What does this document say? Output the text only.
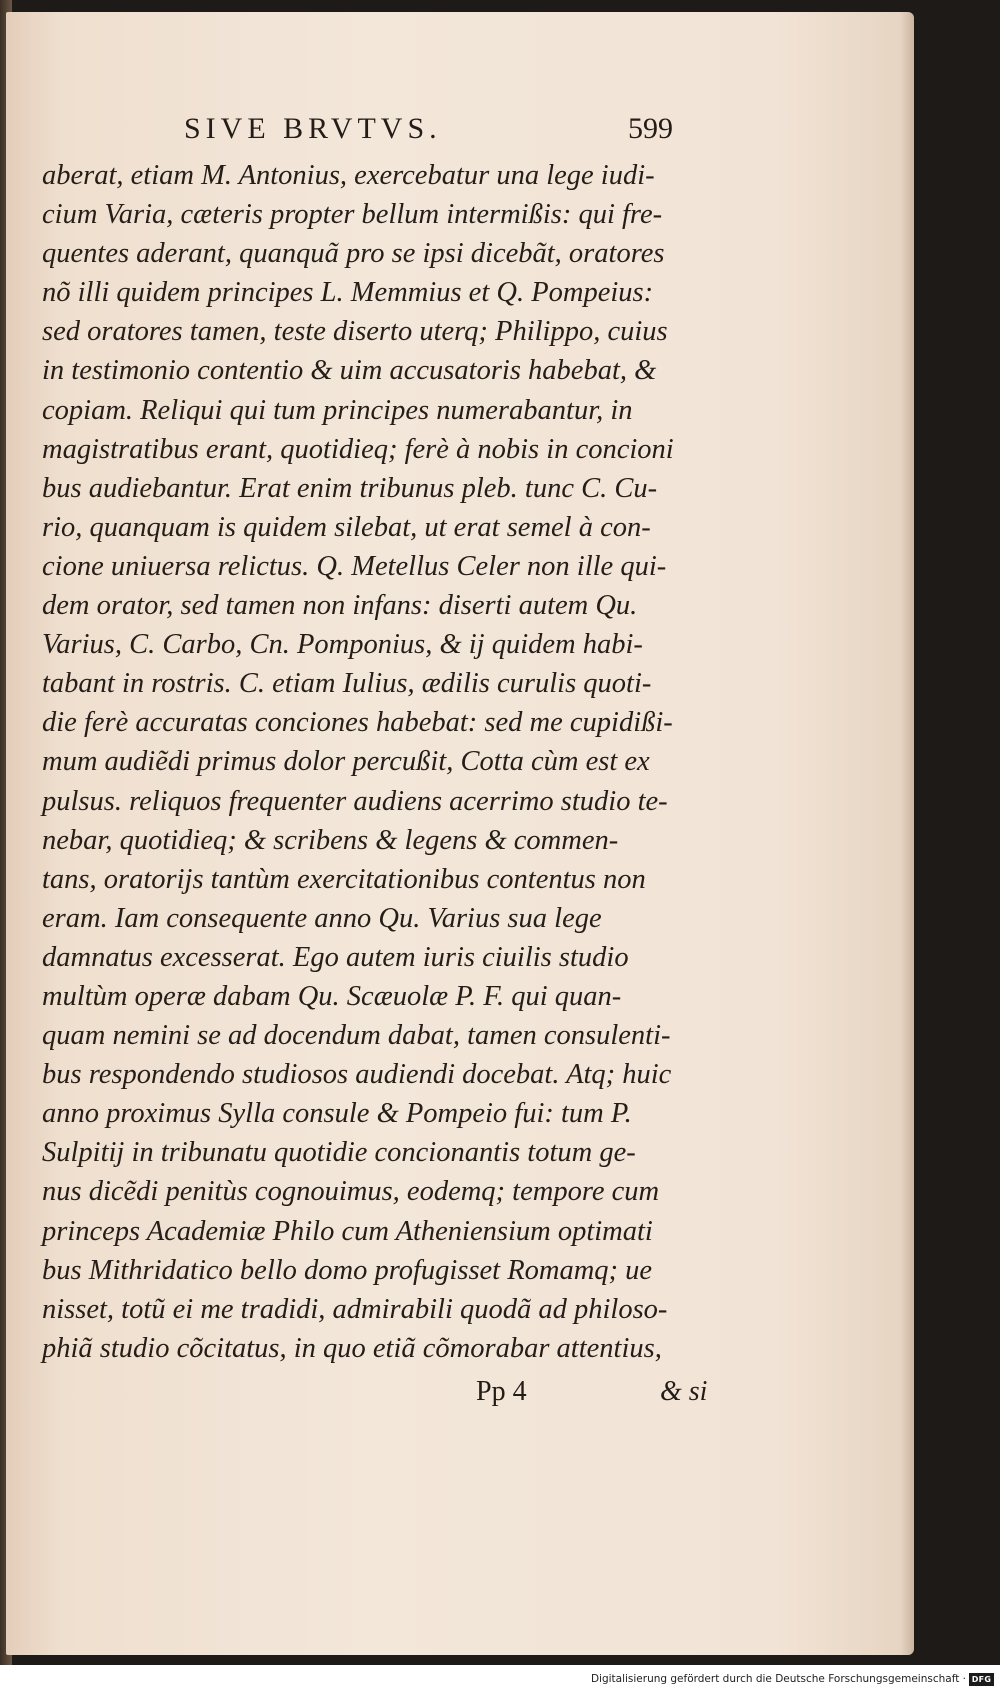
SIVE BRVTVS.	599
aberat, etiam M. Antonius, exercebatur una lege iudi-
cium Varia, cæteris propter bellum intermißis: qui fre-
quentes aderant, quanquã pro se ipsi dicebãt, oratores
nõ illi quidem principes L. Memmius et Q. Pompeius:
sed oratores tamen, teste diserto uterq; Philippo, cuius
in testimonio contentio & uim accusatoris habebat, &
copiam. Reliqui qui tum principes numerabantur, in
magistratibus erant, quotidieq; ferè à nobis in concioni
bus audiebantur. Erat enim tribunus pleb. tunc C. Cu-
rio, quanquam is quidem silebat, ut erat semel à con-
cione uniuersa relictus. Q. Metellus Celer non ille qui-
dem orator, sed tamen non infans: diserti autem Qu.
Varius, C. Carbo, Cn. Pomponius, & ij quidem habi-
tabant in rostris. C. etiam Iulius, ædilis curulis quoti-
die ferè accuratas conciones habebat: sed me cupidißi-
mum audiẽdi primus dolor percußit, Cotta cùm est ex
pulsus. reliquos frequenter audiens acerrimo studio te-
nebar, quotidieq; & scribens & legens & commen-
tans, oratorijs tantùm exercitationibus contentus non
eram. Iam consequente anno Qu. Varius sua lege
damnatus excesserat. Ego autem iuris ciuilis studio
multùm operæ dabam Qu. Scæuolæ P. F. qui quan-
quam nemini se ad docendum dabat, tamen consulenti-
bus respondendo studiosos audiendi docebat. Atq; huic
anno proximus Sylla consule & Pompeio fui: tum P.
Sulpitij in tribunatu quotidie concionantis totum ge-
nus dicẽdi penitùs cognouimus, eodemq; tempore cum
princeps Academiæ Philo cum Atheniensium optimati
bus Mithridatico bello domo profugisset Romamq; ue
nisset, totũ ei me tradidi, admirabili quodã ad philoso-
phiã studio cõcitatus, in quo etiã cõmorabar attentius,
Pp 4	& si
Digitalisierung gefördert durch die Deutsche Forschungsgemeinschaft · DFG
